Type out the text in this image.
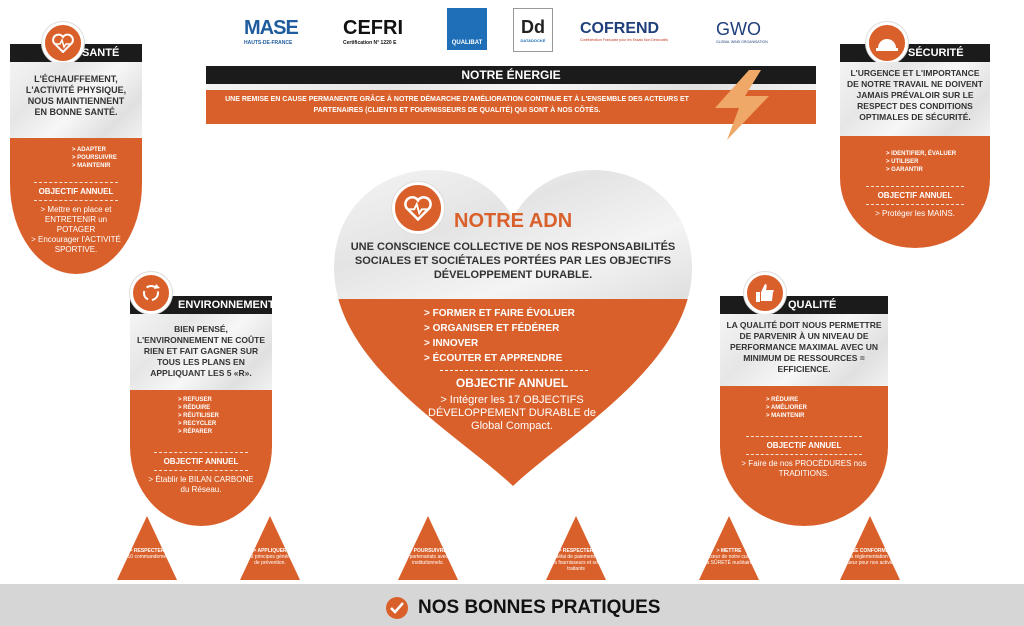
MASE
HAUTS-DE-FRANCE
CEFRI
Certification N° 1220 E	QUALIBAT
Dd
DATADOCKÉ
COFREND
Confédération Française pour les Essais Non Destructifs
GWO
GLOBAL WIND ORGANISATION
NOTRE ÉNERGIE
UNE REMISE EN CAUSE PERMANENTE GRÂCE À NOTRE DÉMARCHE D'AMÉLIORATION CONTINUE ET À L'ENSEMBLE DES ACTEURS ET PARTENAIRES (CLIENTS ET FOURNISSEURS DE QUALITÉ) QUI SONT À NOS CÔTÉS.
SANTÉ
L'ÉCHAUFFEMENT, L'ACTIVITÉ PHYSIQUE, NOUS MAINTIENNENT EN BONNE SANTÉ.
> ADAPTER
> POURSUIVRE
> MAINTENIR
OBJECTIF ANNUEL
> Mettre en place et ENTRETENIR un POTAGER
> Encourager l'ACTIVITÉ SPORTIVE.
SÉCURITÉ
L'URGENCE ET L'IMPORTANCE DE NOTRE TRAVAIL NE DOIVENT JAMAIS PRÉVALOIR SUR LE RESPECT DES CONDITIONS OPTIMALES DE SÉCURITÉ.
> IDENTIFIER, ÉVALUER
> UTILISER
> GARANTIR
OBJECTIF ANNUEL
> Protéger les MAINS.
NOTRE ADN
UNE CONSCIENCE COLLECTIVE DE NOS RESPONSABILITÉS SOCIALES ET SOCIÉTALES PORTÉES PAR LES OBJECTIFS DÉVELOPPEMENT DURABLE.
> FORMER ET FAIRE ÉVOLUER
> ORGANISER ET FÉDÉRER
> INNOVER
> ÉCOUTER ET APPRENDRE
OBJECTIF ANNUEL
> Intégrer les 17 OBJECTIFS DÉVELOPPEMENT DURABLE de Global Compact.
ENVIRONNEMENT
BIEN PENSÉ, L'ENVIRONNEMENT NE COÛTE RIEN ET FAIT GAGNER SUR TOUS LES PLANS EN APPLIQUANT LES 5 «R».
> REFUSER
> RÉDUIRE
> RÉUTILISER
> RECYCLER
> RÉPARER
OBJECTIF ANNUEL
> Établir le BILAN CARBONE du Réseau.
QUALITÉ
LA QUALITÉ DOIT NOUS PERMETTRE DE PARVENIR À UN NIVEAU DE PERFORMANCE MAXIMAL AVEC UN MINIMUM DE RESSOURCES = EFFICIENCE.
> RÉDUIRE
> AMÉLIORER
> MAINTENIR
OBJECTIF ANNUEL
> Faire de nos PROCÉDURES nos TRADITIONS.
> RESPECTER
les 10 commandements.
> APPLIQUER
les 9 principes généraux de prévention.
> POURSUIVRE
nos partenariats avec les institutionnels.
> RESPECTER
le délai de paiement de nos fournisseurs et sous traitants
> METTRE
au cœur de notre culture la SÛRETÉ nucléaire
> SE CONFORMER
à la réglementation en vigueur pour nos activités.
NOS BONNES PRATIQUES
